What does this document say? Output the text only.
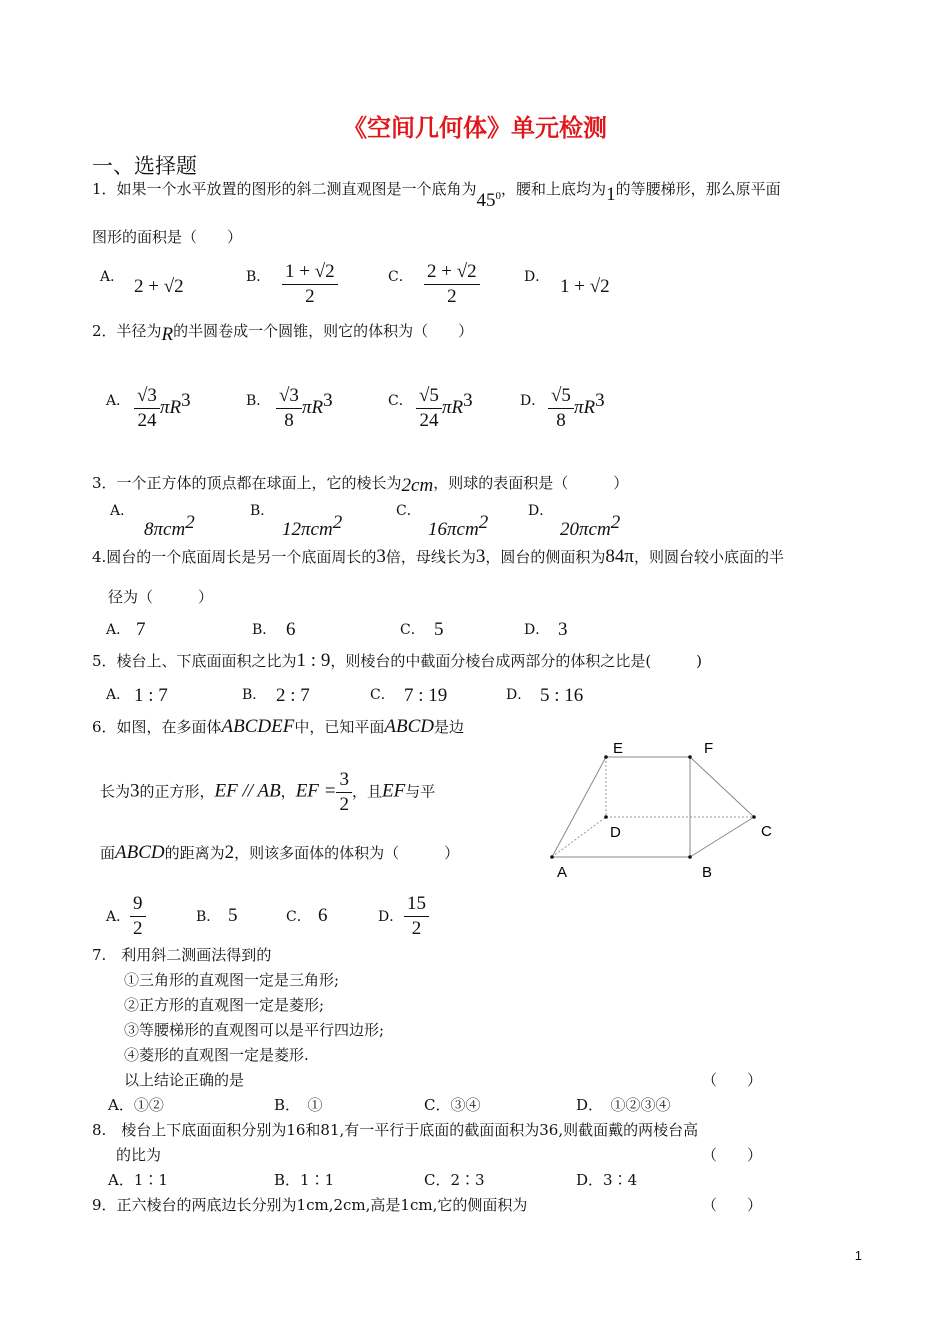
《空间几何体》单元检测
一、选择题
1．如果一个水平放置的图形的斜二测直观图是一个底角为$45^0$，腰和上底均为1的等腰梯形，那么原平面
图形的面积是（　　）
A． 2 + √2	B． $\frac{1 + √2}{2}$	C． $\frac{2 + √2}{2}$	D． 1 + √2
2．半径为R的半圆卷成一个圆锥，则它的体积为（　　）
A． $\frac{√3}{24} \pi R^3$	B． $\frac{√3}{8} \pi R^3$	C． $\frac{√5}{24} \pi R^3$	D． $\frac{√5}{8} \pi R^3$
3．一个正方体的顶点都在球面上，它的棱长为2cm，则球的表面积是（　　　）
A．
8πcm$^2$
B．
12πcm$^2$
C．
16πcm$^2$
D．
20πcm$^2$
4.圆台的一个底面周长是另一个底面周长的3倍，母线长为3，圆台的侧面积为84π，则圆台较小底面的半
径为（　　　）
A． 7	B． 6	C． 5	D． 3
5．棱台上、下底面面积之比为1 : 9，则棱台的中截面分棱台成两部分的体积之比是(　　　)
A． 1 : 7	B． 2 : 7	C． 7 : 19	D． 5 : 16
6．如图，在多面体ABCDEF中，已知平面ABCD是边
长为3的正方形，EF // AB，EF = $\frac{3}{2}$ ，且EF与平
面ABCD的距离为2，则该多面体的体积为（　　　）
E	F
D	C
A	B
A． $\frac{9}{2}$	B． 5	C． 6	D． $\frac{15}{2}$
7.　利用斜二测画法得到的
①三角形的直观图一定是三角形;
②正方形的直观图一定是菱形;
③等腰梯形的直观图可以是平行四边形;
④菱形的直观图一定是菱形.
以上结论正确的是	（　　）
A．①②	B．　①	C．③④	D．　①②③④
8.　棱台上下底面面积分别为16和81,有一平行于底面的截面面积为36,则截面戴的两棱台高
的比为	（　　）
A．1∶1	B．1∶1	C．2∶3	D．3∶4
9．正六棱台的两底边长分别为1cm,2cm,高是1cm,它的侧面积为	（　　）
1
